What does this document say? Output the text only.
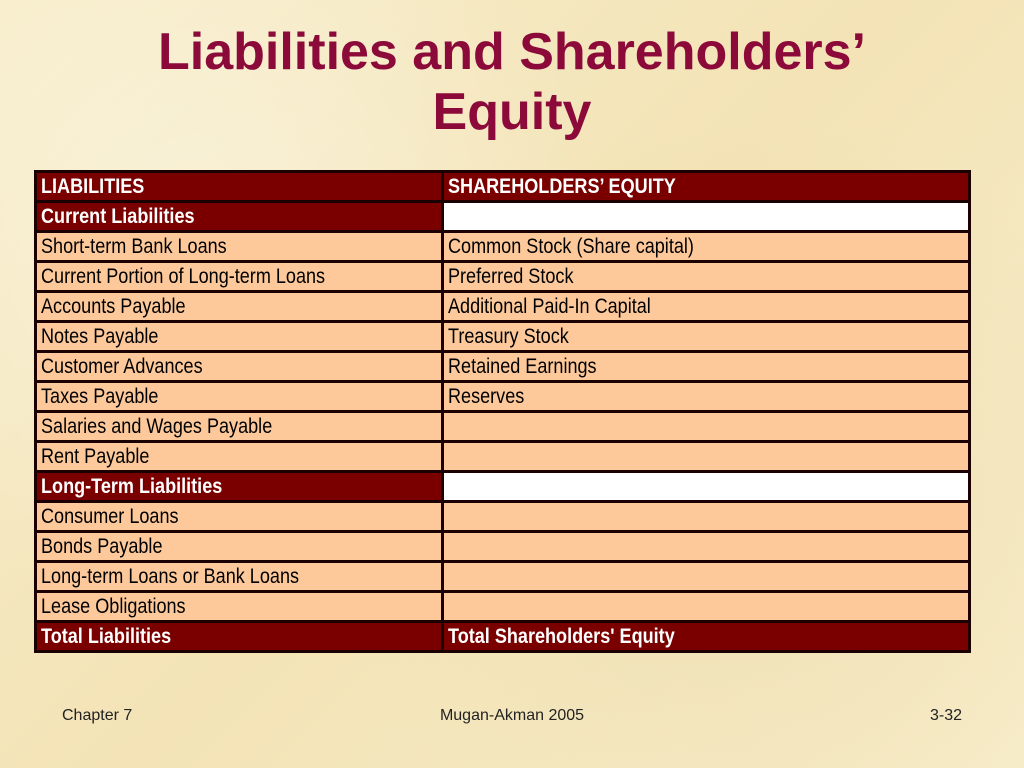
Liabilities and Shareholders’
Equity
LIABILITIES	SHAREHOLDERS’ EQUITY
Current Liabilities	
Short-term Bank Loans	Common Stock (Share capital)
Current Portion of Long-term Loans	Preferred Stock
Accounts Payable	Additional Paid-In Capital
Notes Payable	Treasury Stock
Customer Advances	Retained Earnings
Taxes Payable	Reserves
Salaries and Wages Payable	
Rent Payable	
Long-Term Liabilities	
Consumer Loans	
Bonds Payable	
Long-term Loans or Bank Loans	
Lease Obligations	
Total Liabilities	Total Shareholders' Equity
Chapter 7	Mugan-Akman 2005	3-32
